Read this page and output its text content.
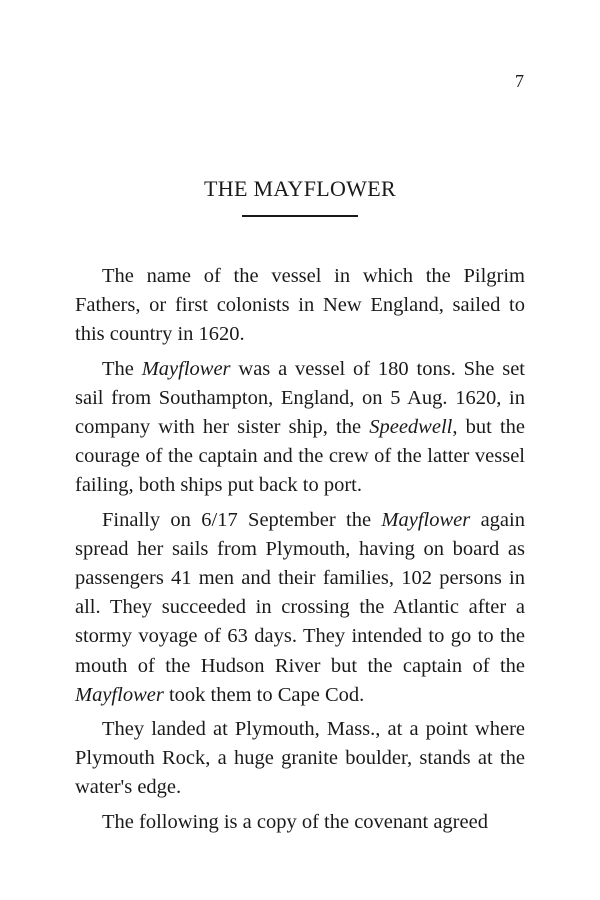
7
THE MAYFLOWER

The name of the vessel in which the Pilgrim Fathers, or first colonists in New England, sailed to this country in 1620.

The Mayflower was a vessel of 180 tons. She set sail from Southampton, England, on 5 Aug. 1620, in company with her sister ship, the Speedwell, but the courage of the captain and the crew of the latter vessel failing, both ships put back to port.

Finally on 6/17 September the Mayflower again spread her sails from Plymouth, having on board as passengers 41 men and their families, 102 persons in all. They succeeded in crossing the Atlantic after a stormy voyage of 63 days. They intended to go to the mouth of the Hudson River but the captain of the Mayflower took them to Cape Cod.

They landed at Plymouth, Mass., at a point where Plymouth Rock, a huge granite boulder, stands at the water's edge.

The following is a copy of the covenant agreed
